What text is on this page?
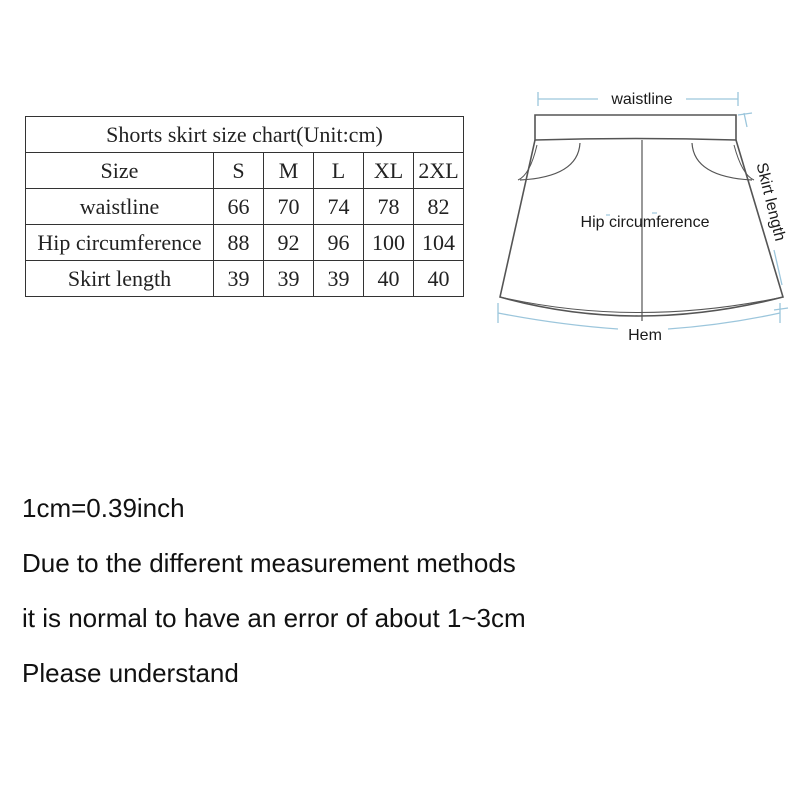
Shorts skirt size chart(Unit:cm)					
Size	S	M	L	XL	2XL
waistline	66	70	74	78	82
Hip circumference	88	92	96	100	104
Skirt length	39	39	39	40	40
waistline
Hip circumference	Skirt length
Hem
1cm=0.39inch
Due to the different measurement methods
it is normal to have an error of about 1~3cm
Please understand
